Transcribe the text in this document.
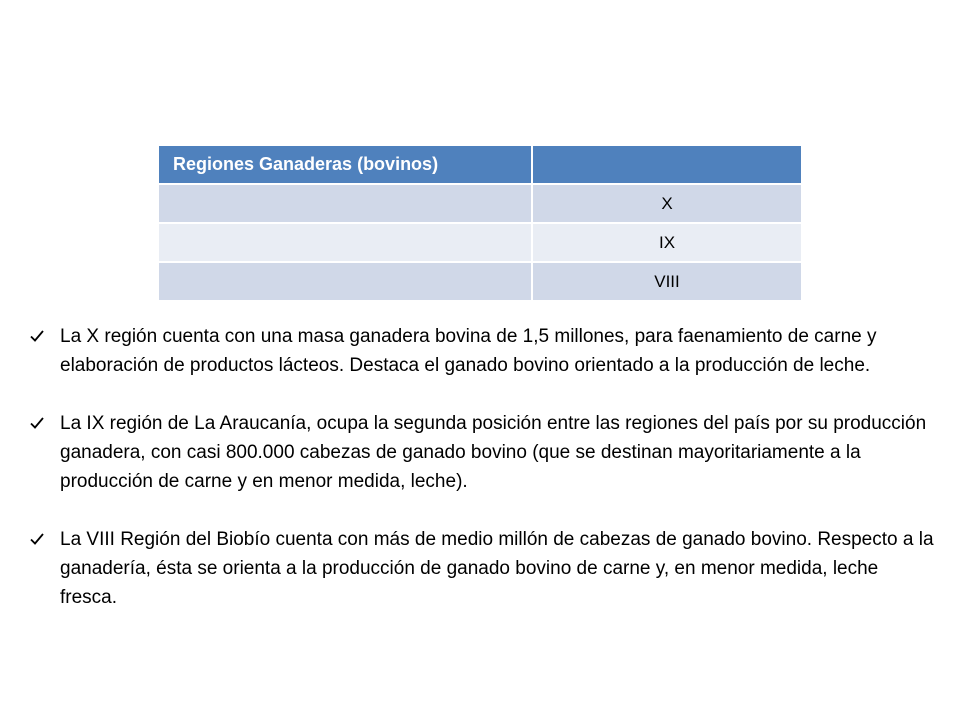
Regiones Ganaderas (bovinos)	
	X
	IX
	VIII
La X región cuenta con una masa ganadera bovina de 1,5 millones, para faenamiento de carne y elaboración de productos lácteos. Destaca el ganado bovino orientado a la producción de leche.
La IX región de La Araucanía, ocupa la segunda posición entre las regiones del país por su producción ganadera, con casi 800.000 cabezas de ganado bovino (que se destinan mayoritariamente a la producción de carne y en menor medida, leche).
La VIII Región del Biobío cuenta con más de medio millón de cabezas de ganado bovino. Respecto a la ganadería, ésta se orienta a la producción de ganado bovino de carne y, en menor medida, leche fresca.
